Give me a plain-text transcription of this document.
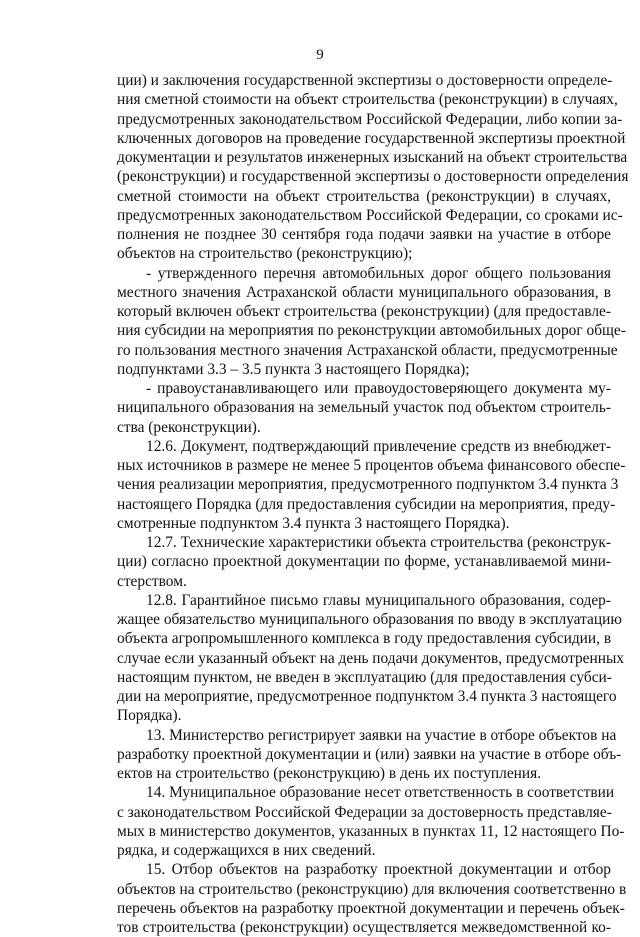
9
ции) и заключения государственной экспертизы о достоверности определе-
ния сметной стоимости на объект строительства (реконструкции) в случаях,
предусмотренных законодательством Российской Федерации, либо копии за-
ключенных договоров на проведение государственной экспертизы проектной
документации и результатов инженерных изысканий на объект строительства
(реконструкции) и государственной экспертизы о достоверности определения
сметной стоимости на объект строительства (реконструкции) в случаях,
предусмотренных законодательством Российской Федерации, со сроками ис-
полнения не позднее 30 сентября года подачи заявки на участие в отборе
объектов на строительство (реконструкцию);
- утвержденного перечня автомобильных дорог общего пользования
местного значения Астраханской области муниципального образования, в
который включен объект строительства (реконструкции) (для предоставле-
ния субсидии на мероприятия по реконструкции автомобильных дорог обще-
го пользования местного значения Астраханской области, предусмотренные
подпунктами 3.3 – 3.5 пункта 3 настоящего Порядка);
- правоустанавливающего или правоудостоверяющего документа му-
ниципального образования на земельный участок под объектом строитель-
ства (реконструкции).
12.6. Документ, подтверждающий привлечение средств из внебюджет-
ных источников в размере не менее 5 процентов объема финансового обеспе-
чения реализации мероприятия, предусмотренного подпунктом 3.4 пункта 3
настоящего Порядка (для предоставления субсидии на мероприятия, преду-
смотренные подпунктом 3.4 пункта 3 настоящего Порядка).
12.7. Технические характеристики объекта строительства (реконструк-
ции) согласно проектной документации по форме, устанавливаемой мини-
стерством.
12.8. Гарантийное письмо главы муниципального образования, содер-
жащее обязательство муниципального образования по вводу в эксплуатацию
объекта агропромышленного комплекса в году предоставления субсидии, в
случае если указанный объект на день подачи документов, предусмотренных
настоящим пунктом, не введен в эксплуатацию (для предоставления субси-
дии на мероприятие, предусмотренное подпунктом 3.4 пункта 3 настоящего
Порядка).
13. Министерство регистрирует заявки на участие в отборе объектов на
разработку проектной документации и (или) заявки на участие в отборе объ-
ектов на строительство (реконструкцию) в день их поступления.
14. Муниципальное образование несет ответственность в соответствии
с законодательством Российской Федерации за достоверность представляе-
мых в министерство документов, указанных в пунктах 11, 12 настоящего По-
рядка, и содержащихся в них сведений.
15. Отбор объектов на разработку проектной документации и отбор
объектов на строительство (реконструкцию) для включения соответственно в
перечень объектов на разработку проектной документации и перечень объек-
тов строительства (реконструкции) осуществляется межведомственной ко-
